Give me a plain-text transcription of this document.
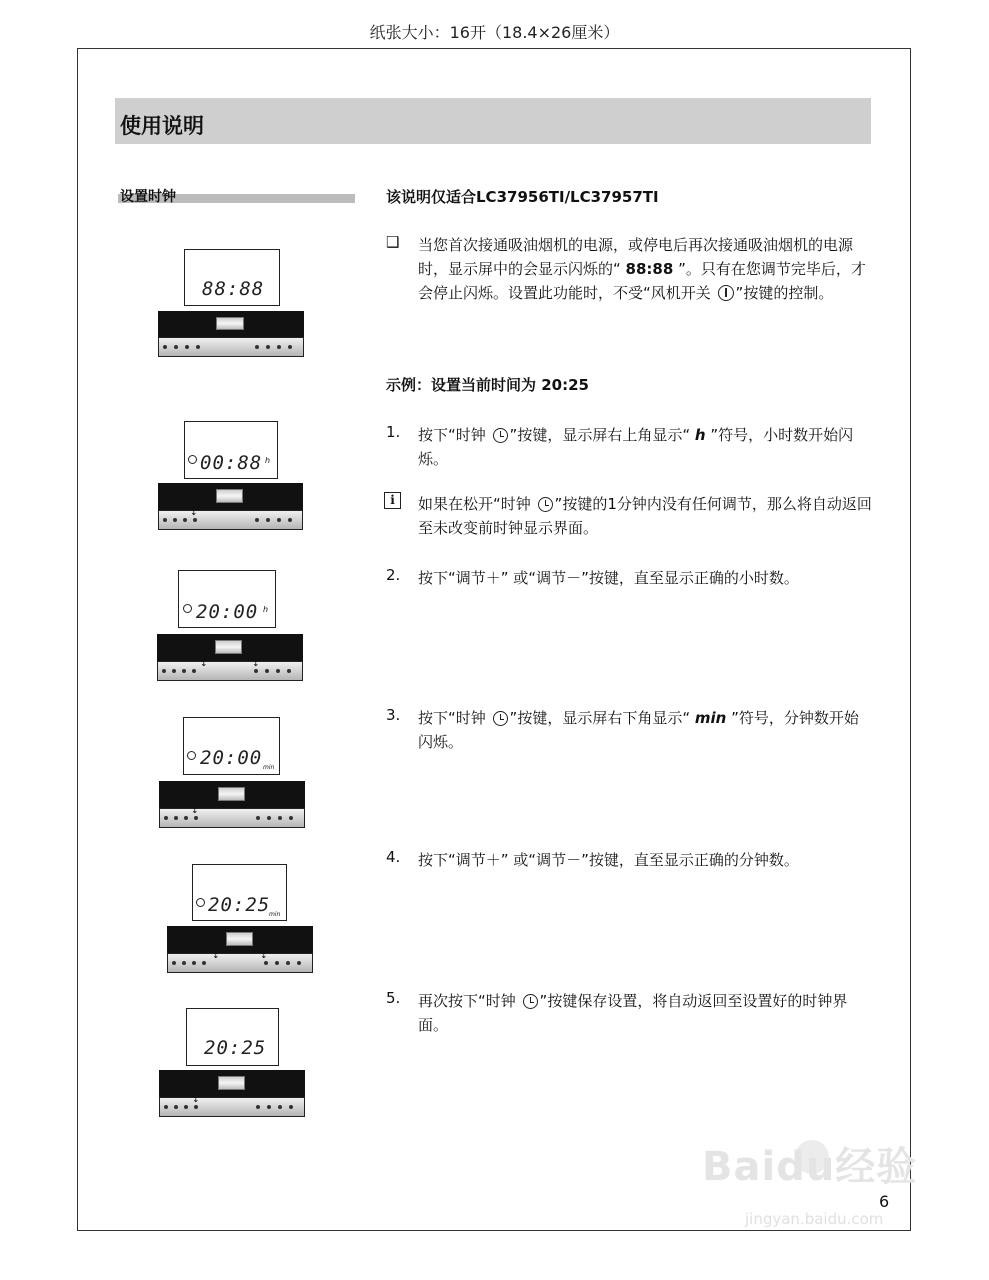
纸张大小：16开（18.4×26厘米）
使用说明
设置时钟	该说明仅适合LC37956TI/LC37957TI
❑ 当您首次接通吸油烟机的电源，或停电后再次接通吸油烟机的电源时，显示屏中的会显示闪烁的“ 88:88 ”。只有在您调节完毕后，才会停止闪烁。设置此功能时，不受“风机开关 ”按键的控制。
示例：设置当前时间为 20:25
1. 按下“时钟 ”按键，显示屏右上角显示“ h ”符号，小时数开始闪烁。
i	如果在松开“时钟 ”按键的1分钟内没有任何调节，那么将自动返回至未改变前时钟显示界面。
2. 按下“调节＋” 或“调节－”按键，直至显示正确的小时数。
3. 按下“时钟 ”按键，显示屏右下角显示“ min ”符号，分钟数开始闪烁。
4. 按下“调节＋” 或“调节－”按键，直至显示正确的分钟数。
5. 再次按下“时钟 ”按键保存设置，将自动返回至设置好的时钟界面。
88:88
00:88 h
↕
20:00 h
↕	↕
20:00 min
↕
20:25
min
↕	↕
20:25
↕
Baidu经验
jingyan.baidu.com
6
